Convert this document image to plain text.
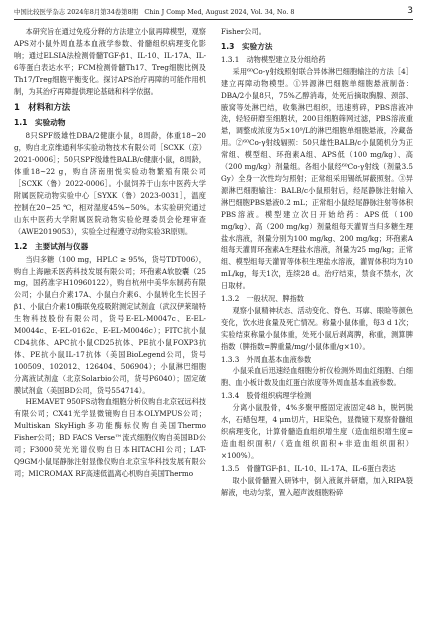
中国比较医学杂志 2024年8月第34卷第8期　Chin J Comp Med, August 2024, Vol. 34, No. 8	3

本研究旨在通过免疫分释的方法建立小鼠再障模型，观察APS对小鼠外周血基本血液学参数、骨髓组织病理变化影响；通过ELSIA法检测骨髓TGF-β1、IL-10、IL-17A、IL-6等蛋白表达水平；FCM检测骨髓Th17、Treg细胞比例及Th17/Treg细胞平衡变化。探讨APS治疗再障的可能作用机制，为其治疗再障提供理论基础和科学依据。

1　材料和方法
1.1　实验动物

8只SPF级雄性DBA/2健康小鼠，8周龄，体重18~20 g，购自北京维通利华实验动物技术有限公司［SCXK（京）2021-0006］；50只SPF级雄性BALB/c健康小鼠，8周龄，体重18~22 g，购自济南朋悦实验动物繁殖有限公司［SCXK（鲁）2022-0006］。小鼠饲养于山东中医药大学附属医院动物实验中心［SYXK（鲁）2023-0031］，温度控制在20~25 ℃，相对湿度45%~50%。本实验研究通过山东中医药大学附属医院动物实验伦理委员会伦理审查（AWE2019053），实验全过程遵守动物实验3R原则。

1.2　主要试剂与仪器

当归多糖（100 mg，HPLC ≥ 95%，货号TDT006），购自上海融禾医药科技发展有限公司；环孢素A软胶囊（25 mg，国药准字H10960122），购自杭州中美华东制药有限公司；小鼠白介素17A、小鼠白介素6、小鼠转化生长因子β1、小鼠白介素10酶联免疫吸附测定试剂盒（武汉伊莱瑞特生物科技股份有限公司，货号E-EL-M0047c、E-EL-M0044c、E-EL-0162c、E-EL-M0046c）；FITC抗小鼠CD4抗体、APC抗小鼠CD25抗体、PE抗小鼠FOXP3抗体、PE抗小鼠IL-17抗体（美国BioLegend公司，货号100509、102012、126404、506904）；小鼠淋巴细胞分离液试剂盒（北京Solarbio公司，货号P6040）；固定破膜试剂盒（美国BD公司，货号554714）。

HEMAVET 950FS动物血细胞分析仪购自北京冠远科技有限公司；CX41光学显微镜购自日本OLYMPUS公司；Multiskan SkyHigh多功能酶标仪购自美国Thermo Fisher公司；BD FACS Verse™流式细胞仪购自美国BD公司；F3000荧光光谱仪购自日本HITACHI公司；LAT-Q9GM小鼠尾静脉注射显像仪购自北京宝华科技发展有限公司；MICROMAX RF高速低温离心机购自美国Thermo

Fisher公司。

1.3　实验方法
1.3.1　动物模型建立及分组给药

采用⁶⁰Co-γ射线照射联合异体淋巴细胞输注的方法［4］建立再障动物模型。①异源淋巴细胞单细胞悬液制备：DBA/2小鼠8只，75%乙醇消毒，处死后摘取胸腺、颈部、腋窝等处淋巴结，收集淋巴组织，迅速剪碎，PBS溶液冲洗，轻轻研磨至细胞状，200目细胞筛网过滤，PBS溶液重悬，调整成浓度为5×10⁹/L的淋巴细胞单细胞悬液，冷藏备用。②⁶⁰Co-γ射线辐照：50只雄性BALB/c小鼠随机分为正常组、模型组、环孢素A组、APS低（100 mg/kg）、高（200 mg/kg）剂量组。各组小鼠经⁶⁰Co-γ射线（剂量3.5 Gy）全身一次性均匀照射；正常组采用锡纸屏蔽照射。③异源淋巴细胞输注：BALB/c小鼠照射后，经尾静脉注射输入淋巴细胞PBS悬液0.2 mL；正常组小鼠经尾静脉注射等体积PBS溶液。模型建立次日开始给药：APS低（100 mg/kg）、高（200 mg/kg）剂量组每天灌胃当归多糖生理盐水溶液，剂量分别为100 mg/kg、200 mg/kg；环孢素A组每天灌胃环孢素A生理盐水溶液，剂量为25 mg/kg；正常组、模型组每天灌胃等体积生理盐水溶液，灌胃体积均为10 mL/kg，每天1次，连续28 d。治疗结束，禁食不禁水，次日取材。

1.3.2　一般状况、脾指数

观察小鼠精神状态、活动变化、脊色、耳廓、眼睑等颜色变化，饮水进食量及死亡情况。称量小鼠体重，每3 d 1次；实验结束称量小鼠体重，处死小鼠后剥离脾，称重，测算脾指数（脾指数=脾重量/mg/小鼠体重/g×10）。

1.3.3　外周血基本血液参数

小鼠采血后迅速经血细胞分析仪检测外周血红细胞、白细胞、血小板计数及血红蛋白浓度等外周血基本血液参数。

1.3.4　股骨组织病理学检测

分离小鼠股骨，4%多聚甲醛固定液固定48 h，脱钙脱水，石蜡包埋，4 μm切片，HE染色，显微镜下观察骨髓组织病理变化，计算骨髓造血组织增生度（造血组织增生度=造血组织面积/（造血组织面积+非造血组织面积）×100%）。

1.3.5　骨髓TGF-β1、IL-10、IL-17A、IL-6蛋白表达

取小鼠骨髓置入研钵中，倒入液氮并研磨，加入RIPA裂解液，电动匀浆，置入超声波细胞粉碎
